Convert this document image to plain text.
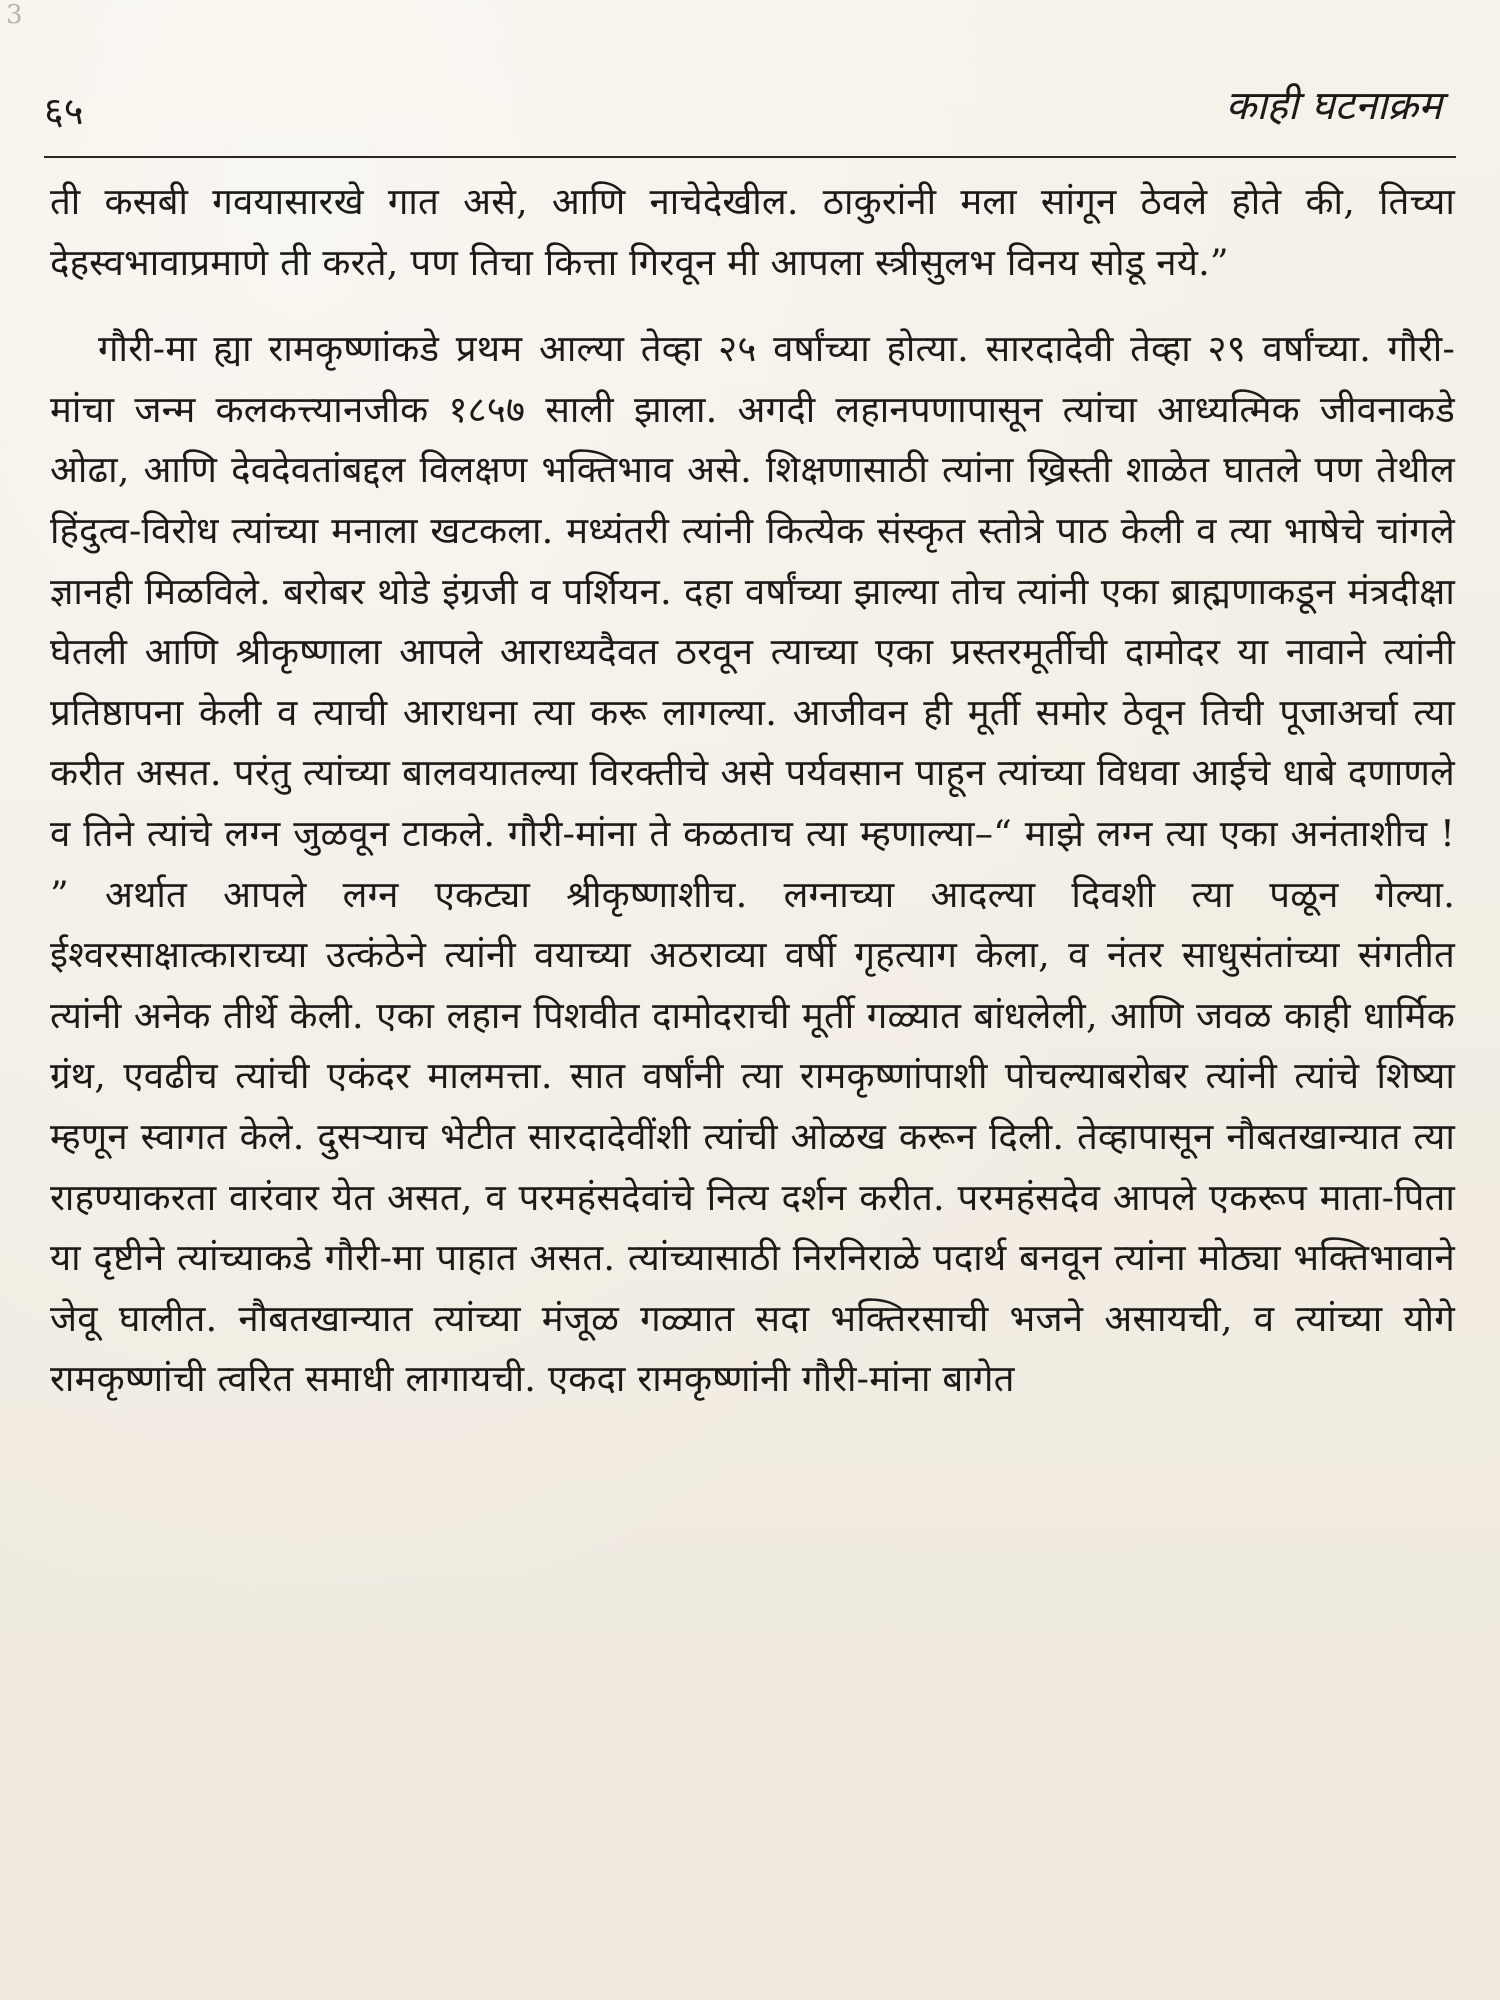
3
६५	काही घटनाक्रम

ती कसबी गवयासारखे गात असे, आणि नाचेदेखील. ठाकुरांनी मला सांगून ठेवले होते की, तिच्या देहस्वभावाप्रमाणे ती करते, पण तिचा कित्ता गिरवून मी आपला स्त्रीसुलभ विनय सोडू नये.”

गौरी-मा ह्या रामकृष्णांकडे प्रथम आल्या तेव्हा २५ वर्षांच्या होत्या. सारदादेवी तेव्हा २९ वर्षांच्या. गौरी-मांचा जन्म कलकत्त्यानजीक १८५७ साली झाला. अगदी लहानपणापासून त्यांचा आध्यत्मिक जीवनाकडे ओढा, आणि देवदेवतांबद्दल विलक्षण भक्तिभाव असे. शिक्षणासाठी त्यांना ख्रिस्ती शाळेत घातले पण तेथील हिंदुत्व-विरोध त्यांच्या मनाला खटकला. मध्यंतरी त्यांनी कित्येक संस्कृत स्तोत्रे पाठ केली व त्या भाषेचे चांगले ज्ञानही मिळविले. बरोबर थोडे इंग्रजी व पर्शियन. दहा वर्षांच्या झाल्या तोच त्यांनी एका ब्राह्मणाकडून मंत्रदीक्षा घेतली आणि श्रीकृष्णाला आपले आराध्यदैवत ठरवून त्याच्या एका प्रस्तरमूर्तीची दामोदर या नावाने त्यांनी प्रतिष्ठापना केली व त्याची आराधना त्या करू लागल्या. आजीवन ही मूर्ती समोर ठेवून तिची पूजाअर्चा त्या करीत असत. परंतु त्यांच्या बालवयातल्या विरक्तीचे असे पर्यवसान पाहून त्यांच्या विधवा आईचे धाबे दणाणले व तिने त्यांचे लग्न जुळवून टाकले. गौरी-मांना ते कळताच त्या म्हणाल्या–“ माझे लग्न त्या एका अनंताशीच ! ” अर्थात आपले लग्न एकट्या श्रीकृष्णाशीच. लग्नाच्या आदल्या दिवशी त्या पळून गेल्या. ईश्वरसाक्षात्काराच्या उत्कंठेने त्यांनी वयाच्या अठराव्या वर्षी गृहत्याग केला, व नंतर साधुसंतांच्या संगतीत त्यांनी अनेक तीर्थे केली. एका लहान पिशवीत दामोदराची मूर्ती गळ्यात बांधलेली, आणि जवळ काही धार्मिक ग्रंथ, एवढीच त्यांची एकंदर मालमत्ता. सात वर्षांनी त्या रामकृष्णांपाशी पोचल्याबरोबर त्यांनी त्यांचे शिष्या म्हणून स्वागत केले. दुसऱ्याच भेटीत सारदादेवींशी त्यांची ओळख करून दिली. तेव्हापासून नौबतखान्यात त्या राहण्याकरता वारंवार येत असत, व परमहंसदेवांचे नित्य दर्शन करीत. परमहंसदेव आपले एकरूप माता-पिता या दृष्टीने त्यांच्याकडे गौरी-मा पाहात असत. त्यांच्यासाठी निरनिराळे पदार्थ बनवून त्यांना मोठ्या भक्तिभावाने जेवू घालीत. नौबतखान्यात त्यांच्या मंजूळ गळ्यात सदा भक्तिरसाची भजने असायची, व त्यांच्या योगे रामकृष्णांची त्वरित समाधी लागायची. एकदा रामकृष्णांनी गौरी-मांना बागेत
